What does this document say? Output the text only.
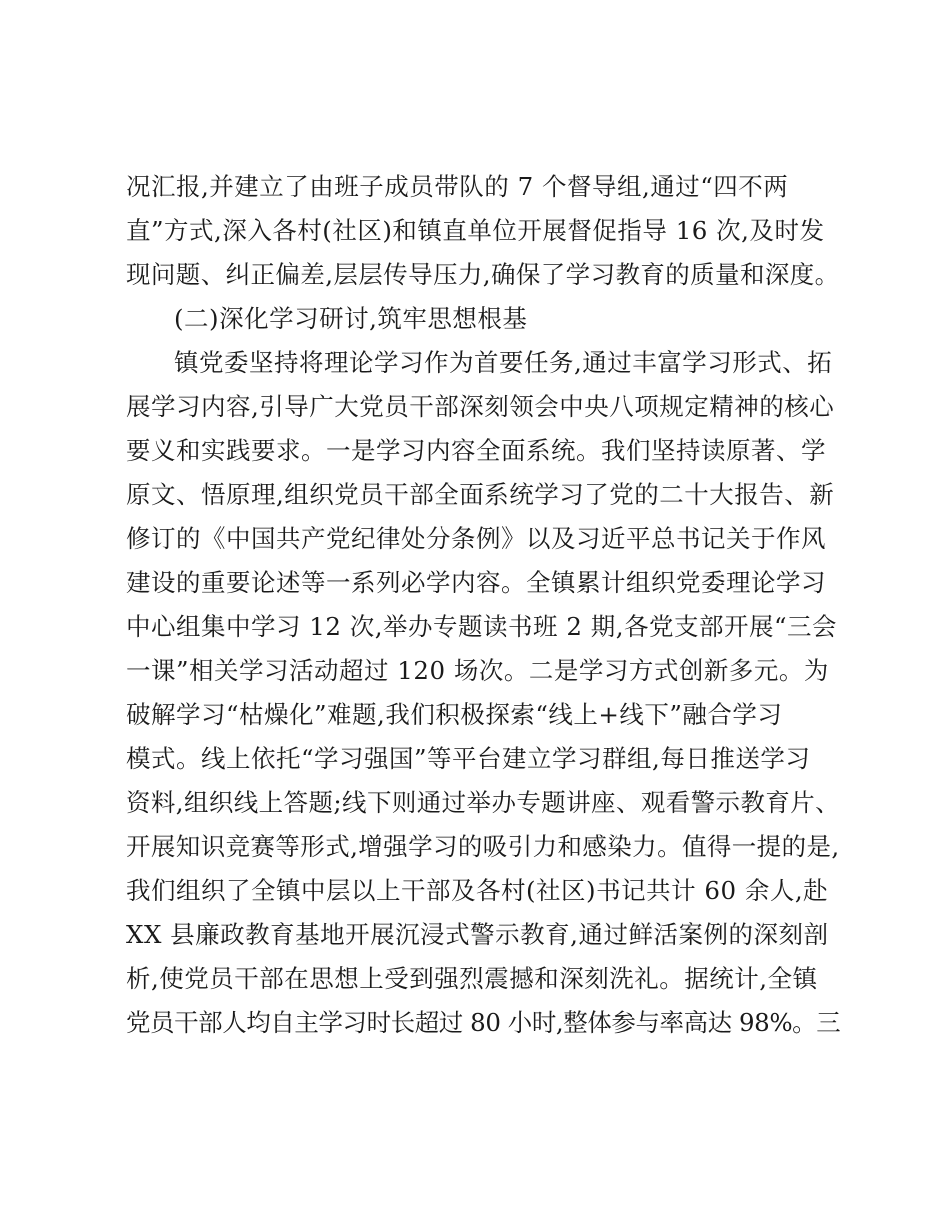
况汇报,并建立了由班子成员带队的 7 个督导组,通过“四不两
直”方式,深入各村(社区)和镇直单位开展督促指导 16 次,及时发
现问题、纠正偏差,层层传导压力,确保了学习教育的质量和深度。
(二)深化学习研讨,筑牢思想根基
镇党委坚持将理论学习作为首要任务,通过丰富学习形式、拓
展学习内容,引导广大党员干部深刻领会中央八项规定精神的核心
要义和实践要求。一是学习内容全面系统。我们坚持读原著、学
原文、悟原理,组织党员干部全面系统学习了党的二十大报告、新
修订的《中国共产党纪律处分条例》以及习近平总书记关于作风
建设的重要论述等一系列必学内容。全镇累计组织党委理论学习
中心组集中学习 12 次,举办专题读书班 2 期,各党支部开展“三会
一课”相关学习活动超过 120 场次。二是学习方式创新多元。为
破解学习“枯燥化”难题,我们积极探索“线上+线下”融合学习
模式。线上依托“学习强国”等平台建立学习群组,每日推送学习
资料,组织线上答题;线下则通过举办专题讲座、观看警示教育片、
开展知识竞赛等形式,增强学习的吸引力和感染力。值得一提的是,
我们组织了全镇中层以上干部及各村(社区)书记共计 60 余人,赴
XX 县廉政教育基地开展沉浸式警示教育,通过鲜活案例的深刻剖
析,使党员干部在思想上受到强烈震撼和深刻洗礼。据统计,全镇
党员干部人均自主学习时长超过 80 小时,整体参与率高达 98%。三
